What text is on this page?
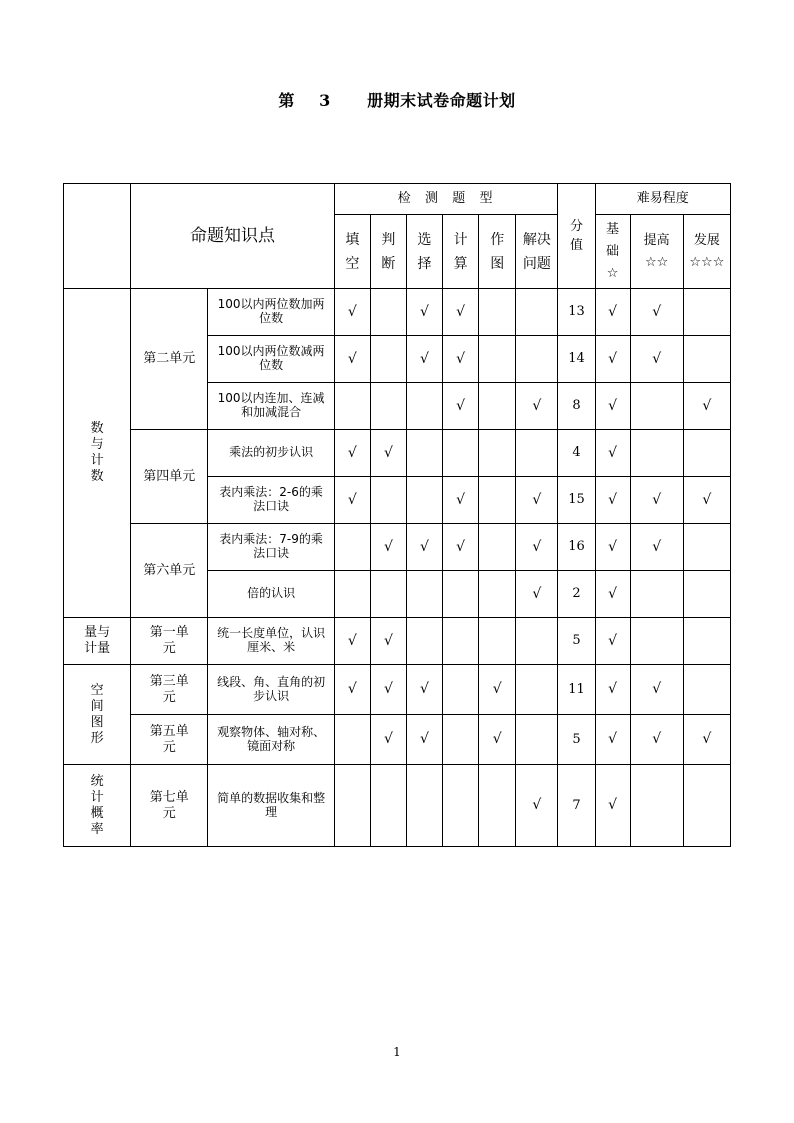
第    3      册期末试卷命题计划
	命题知识点		检  测  题  型						分值	难易程度		
			填空	判断	选择	计算	作图	解决问题		基础☆	提高☆☆	发展☆☆☆
数与计数	第二单元	100以内两位数加两位数	√		√	√			13	√	√	
		100以内两位数减两位数	√		√	√			14	√	√	
		100以内连加、连减和加减混合				√		√	8	√		√
	第四单元	乘法的初步认识	√	√					4	√		
		表内乘法：2-6的乘法口诀	√			√		√	15	√	√	√
	第六单元	表内乘法：7-9的乘法口诀		√	√	√		√	16	√	√	
		倍的认识						√	2	√		
量与计量	第一单元	统一长度单位，认识厘米、米	√	√					5	√		
空间图形	第三单元	线段、角、直角的初步认识	√	√	√		√		11	√	√	
	第五单元	观察物体、轴对称、镜面对称		√	√		√		5	√	√	√
统计概率	第七单元	简单的数据收集和整理						√	7	√		
1
